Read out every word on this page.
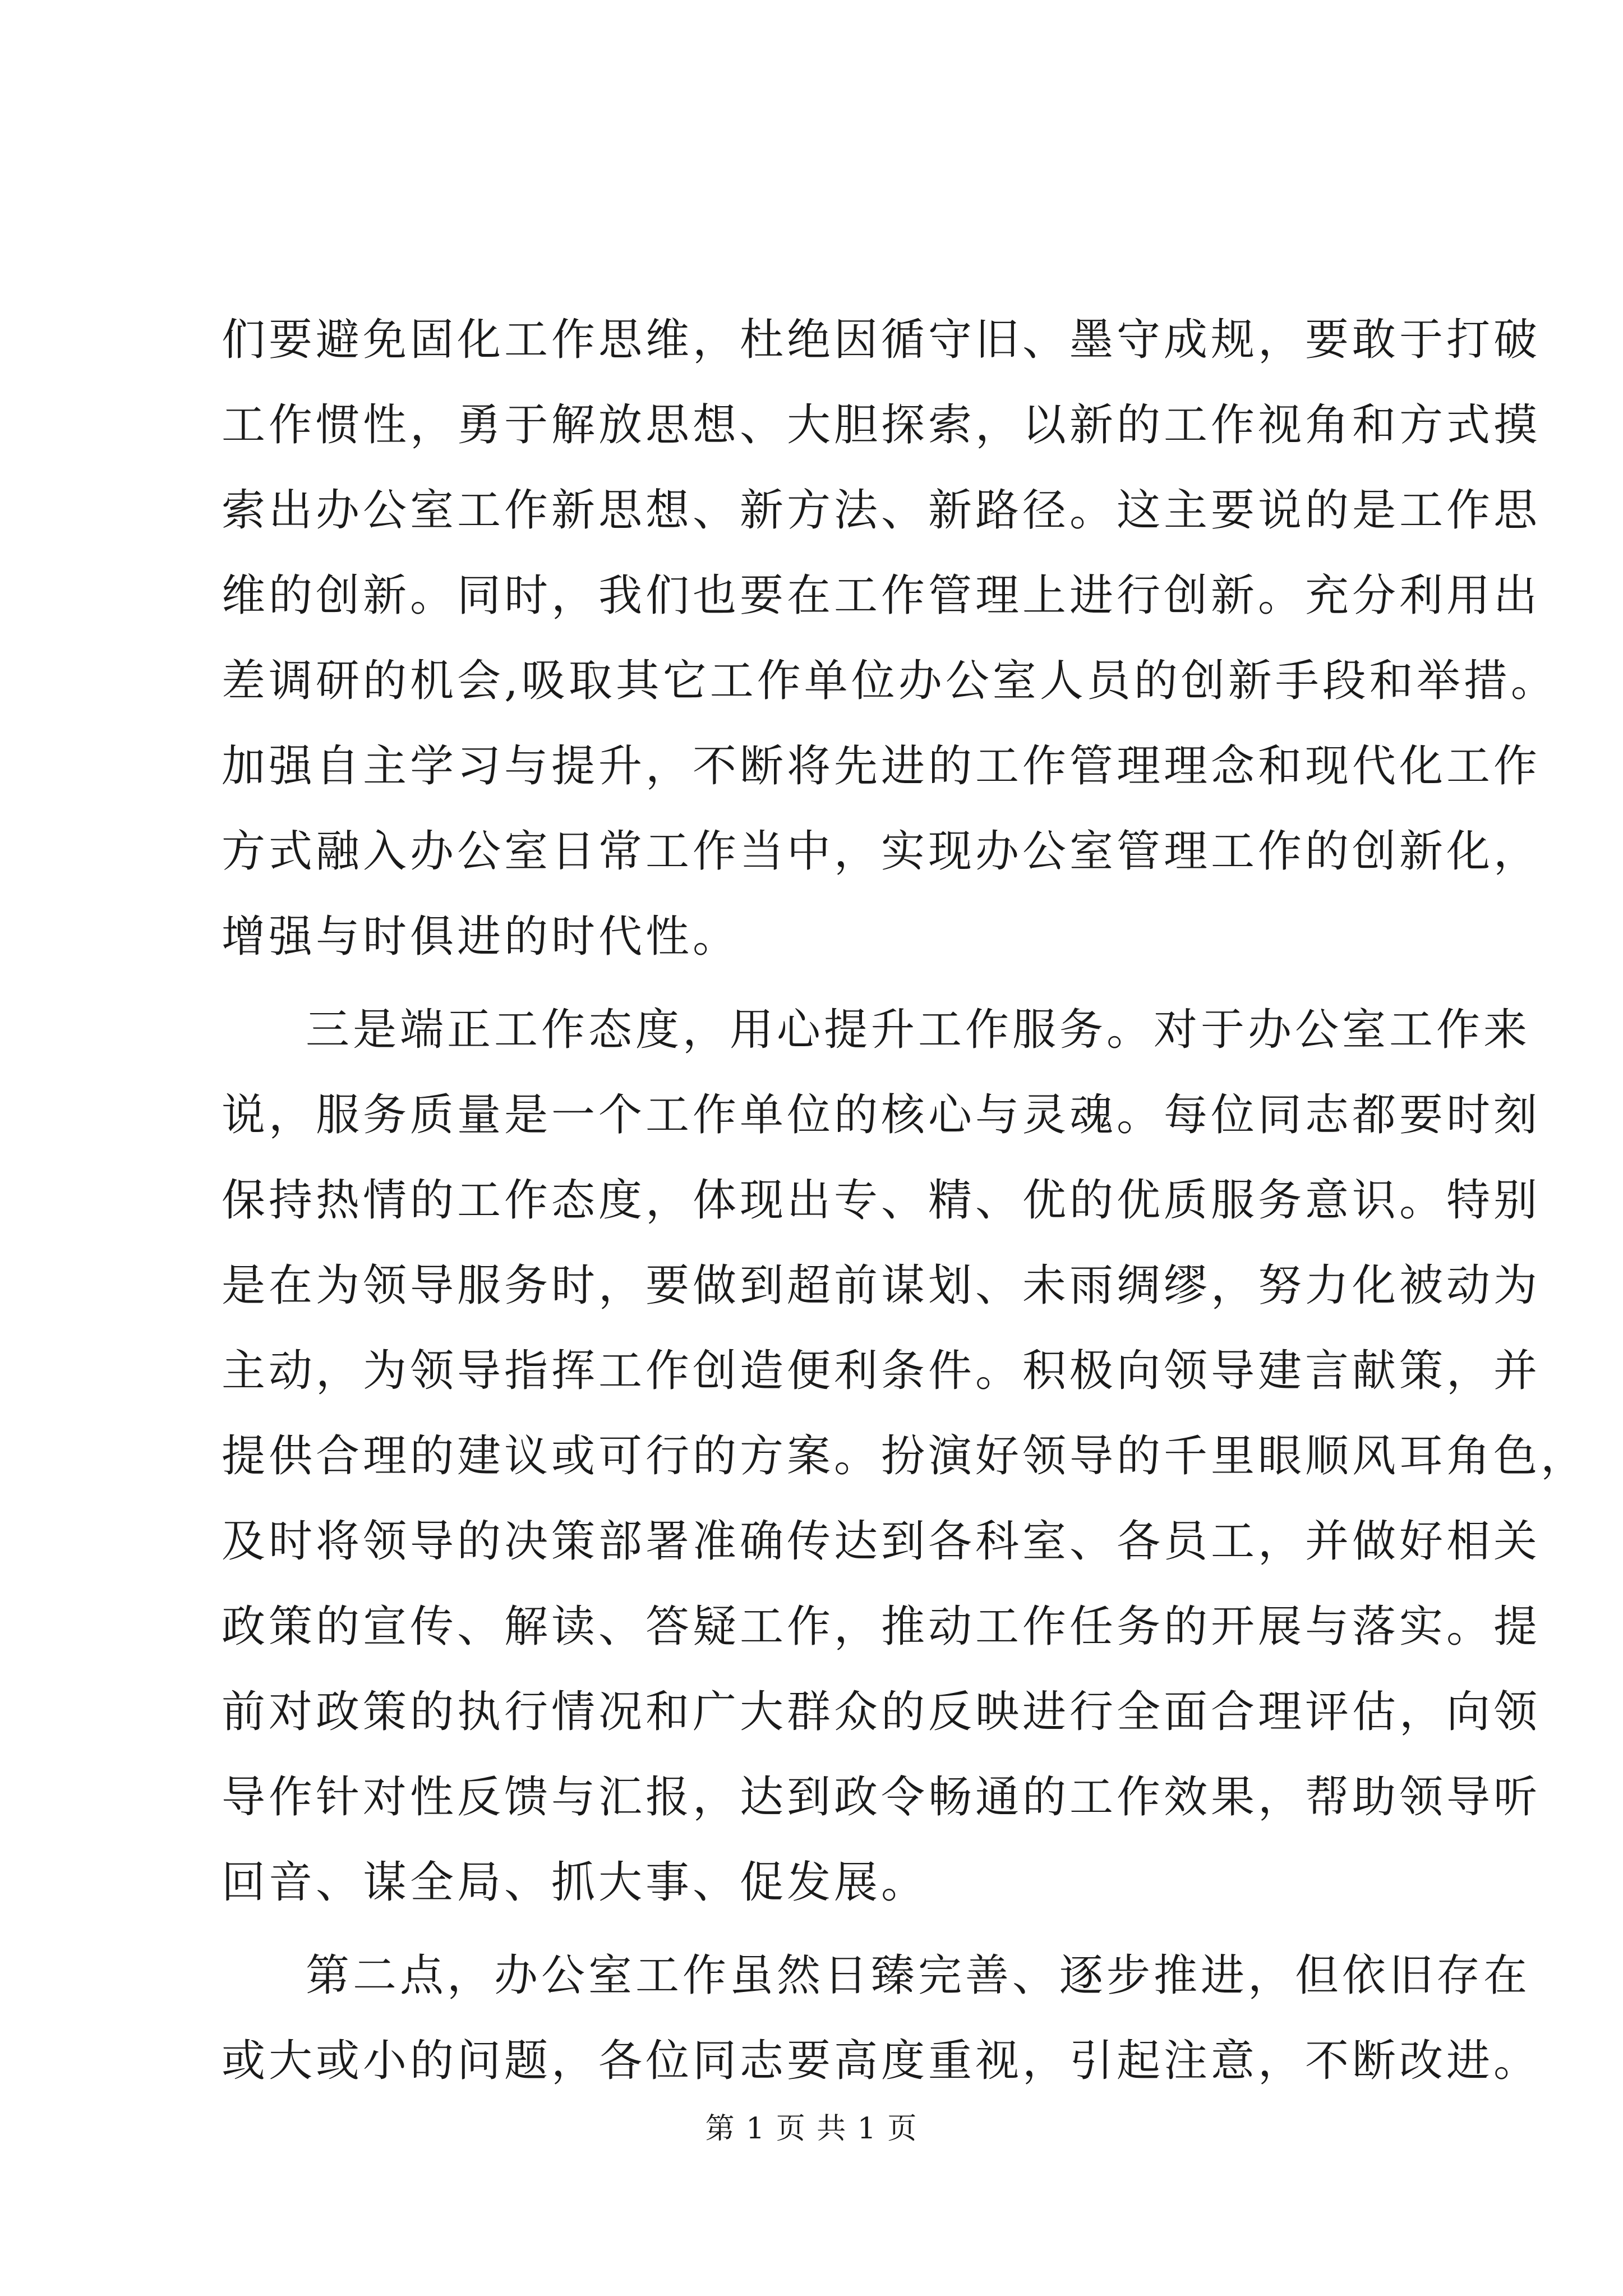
们要避免固化工作思维，杜绝因循守旧、墨守成规，要敢于打破
工作惯性，勇于解放思想、大胆探索，以新的工作视角和方式摸
索出办公室工作新思想、新方法、新路径。这主要说的是工作思
维的创新。同时，我们也要在工作管理上进行创新。充分利用出
差调研的机会,吸取其它工作单位办公室人员的创新手段和举措。
加强自主学习与提升，不断将先进的工作管理理念和现代化工作
方式融入办公室日常工作当中，实现办公室管理工作的创新化，
增强与时俱进的时代性。
三是端正工作态度，用心提升工作服务。对于办公室工作来
说，服务质量是一个工作单位的核心与灵魂。每位同志都要时刻
保持热情的工作态度，体现出专、精、优的优质服务意识。特别
是在为领导服务时，要做到超前谋划、未雨绸缪，努力化被动为
主动，为领导指挥工作创造便利条件。积极向领导建言献策，并
提供合理的建议或可行的方案。扮演好领导的千里眼顺风耳角色，
及时将领导的决策部署准确传达到各科室、各员工，并做好相关
政策的宣传、解读、答疑工作，推动工作任务的开展与落实。提
前对政策的执行情况和广大群众的反映进行全面合理评估，向领
导作针对性反馈与汇报，达到政令畅通的工作效果，帮助领导听
回音、谋全局、抓大事、促发展。
第二点，办公室工作虽然日臻完善、逐步推进，但依旧存在
或大或小的问题，各位同志要高度重视，引起注意，不断改进。
第 1 页 共 1 页
